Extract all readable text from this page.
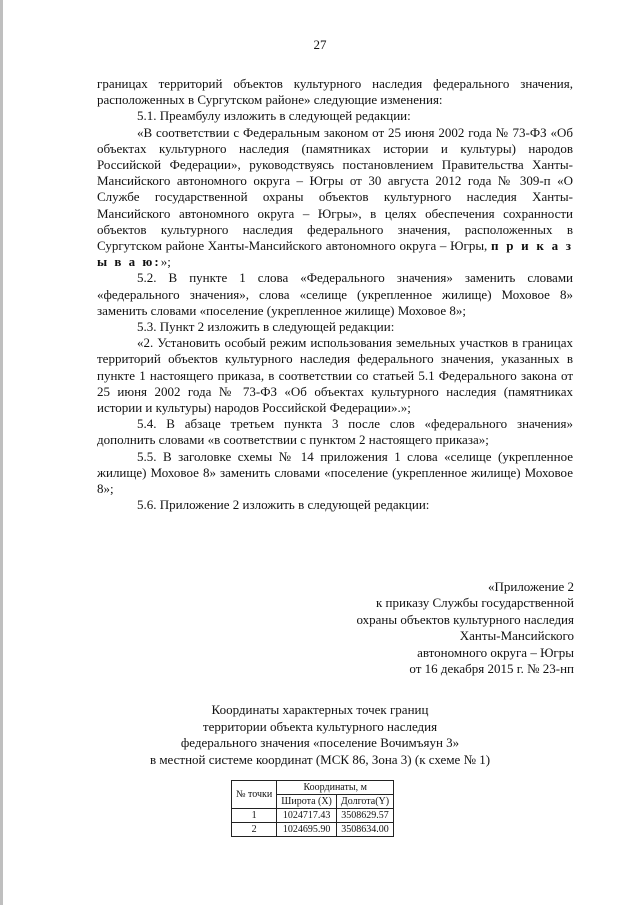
27

границах территорий объектов культурного наследия федерального значения, расположенных в Сургутском районе» следующие изменения:

5.1. Преамбулу изложить в следующей редакции:

«В соответствии с Федеральным законом от 25 июня 2002 года № 73-ФЗ «Об объектах культурного наследия (памятниках истории и культуры) народов Российской Федерации», руководствуясь постановлением Правительства Ханты-Мансийского автономного округа – Югры от 30 августа 2012 года № 309-п «О Службе государственной охраны объектов культурного наследия Ханты-Мансийского автономного округа – Югры», в целях обеспечения сохранности объектов культурного наследия федерального значения, расположенных в Сургутском районе Ханты-Мансийского автономного округа – Югры, п р и к а з ы в а ю:»;

5.2. В пункте 1 слова «Федерального значения» заменить словами «федерального значения», слова «селище (укрепленное жилище) Моховое 8» заменить словами «поселение (укрепленное жилище) Моховое 8»;

5.3. Пункт 2 изложить в следующей редакции:

«2. Установить особый режим использования земельных участков в границах территорий объектов культурного наследия федерального значения, указанных в пункте 1 настоящего приказа, в соответствии со статьей 5.1 Федерального закона от 25 июня 2002 года № 73-ФЗ «Об объектах культурного наследия (памятниках истории и культуры) народов Российской Федерации».»;

5.4. В абзаце третьем пункта 3 после слов «федерального значения» дополнить словами «в соответствии с пунктом 2 настоящего приказа»;

5.5. В заголовке схемы № 14 приложения 1 слова «селище (укрепленное жилище) Моховое 8» заменить словами «поселение (укрепленное жилище) Моховое 8»;

5.6. Приложение 2 изложить в следующей редакции:

«Приложение 2
к приказу Службы государственной
охраны объектов культурного наследия
Ханты-Мансийского
автономного округа – Югры
от 16 декабря 2015 г. № 23-нп
Координаты характерных точек границ
территории объекта культурного наследия
федерального значения «поселение Вочимъяун 3»
в местной системе координат (МСК 86, Зона 3) (к схеме № 1)
№ точки	Координаты, м	
	Широта (X)	Долгота(Y)
1	1024717.43	3508629.57
2	1024695.90	3508634.00
